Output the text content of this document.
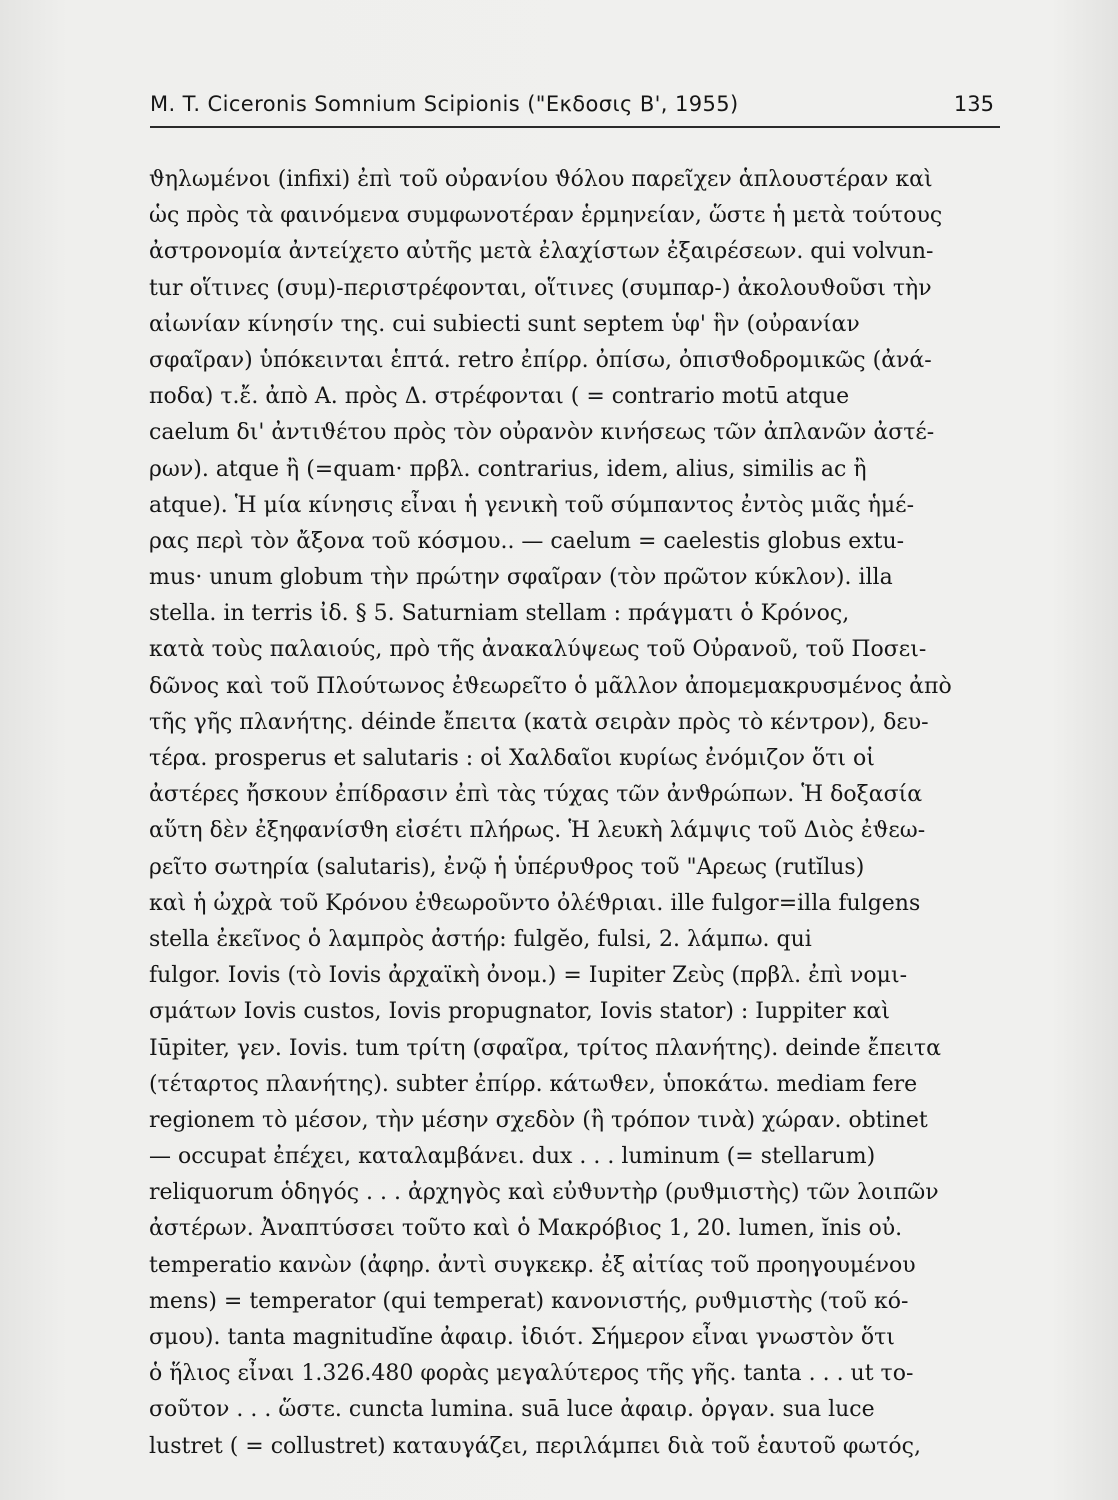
M. T. Ciceronis Somnium Scipionis ("Εκδοσις Β', 1955)	135
ϑηλωμένοι (infixi) ἐπὶ τοῦ οὐρανίου ϑόλου παρεῖχεν ἁπλουστέραν καὶ
ὡς πρὸς τὰ φαινόμενα συμφωνοτέραν ἑρμηνείαν, ὥστε ἡ μετὰ τούτους
ἀστρονομία ἀντείχετο αὐτῆς μετὰ ἐλαχίστων ἐξαιρέσεων. qui volvun-
tur οἵτινες (συμ)-περιστρέφονται, οἵτινες (συμπαρ-) ἀκολουϑοῦσι τὴν
αἰωνίαν κίνησίν της. cui subiecti sunt septem ὑφ' ἣν (οὐρανίαν
σφαῖραν) ὑπόκεινται ἑπτά. retro ἐπίρρ. ὀπίσω, ὀπισϑοδρομικῶς (ἀνά-
ποδα) τ.ἔ. ἀπὸ Α. πρὸς Δ. στρέφονται ( = contrario motū atque
caelum δι' ἀντιϑέτου πρὸς τὸν οὐρανὸν κινήσεως τῶν ἀπλανῶν ἀστέ-
ρων). atque ἢ (=quam· πρβλ. contrarius, idem, alius, similis ac ἢ
atque). Ἡ μία κίνησις εἶναι ἡ γενικὴ τοῦ σύμπαντος ἐντὸς μιᾶς ἡμέ-
ρας περὶ τὸν ἄξονα τοῦ κόσμου.. — caelum = caelestis globus extu-
mus· unum globum τὴν πρώτην σφαῖραν (τὸν πρῶτον κύκλον). illa
stella. in terris ἰδ. § 5. Saturniam stellam : πράγματι ὁ Κρόνος,
κατὰ τοὺς παλαιούς, πρὸ τῆς ἀνακαλύψεως τοῦ Οὐρανοῦ, τοῦ Ποσει-
δῶνος καὶ τοῦ Πλούτωνος ἐϑεωρεῖτο ὁ μᾶλλον ἀπομεμακρυσμένος ἀπὸ
τῆς γῆς πλανήτης. déinde ἔπειτα (κατὰ σειρὰν πρὸς τὸ κέντρον), δευ-
τέρα. prosperus et salutaris : οἱ Χαλδαῖοι κυρίως ἐνόμιζον ὅτι οἱ
ἀστέρες ἤσκουν ἐπίδρασιν ἐπὶ τὰς τύχας τῶν ἀνϑρώπων. Ἡ δοξασία
αὕτη δὲν ἐξηφανίσϑη εἰσέτι πλήρως. Ἡ λευκὴ λάμψις τοῦ Διὸς ἐϑεω-
ρεῖτο σωτηρία (salutaris), ἐνῷ ἡ ὑπέρυϑρος τοῦ "Αρεως (rutĭlus)
καὶ ἡ ὠχρὰ τοῦ Κρόνου ἐϑεωροῦντο ὀλέϑριαι. ille fulgor=illa fulgens
stella ἐκεῖνος ὁ λαμπρὸς ἀστήρ: fulgĕo, fulsi, 2. λάμπω. qui
fulgor. Iovis (τὸ Iovis ἀρχαϊκὴ ὀνομ.) = Iupiter Ζεὺς (πρβλ. ἐπὶ νομι-
σμάτων Iovis custos, Iovis propugnator, Iovis stator) : Iuppiter καὶ
Iūpiter, γεν. Iovis. tum τρίτη (σφαῖρα, τρίτος πλανήτης). deinde ἔπειτα
(τέταρτος πλανήτης). subter ἐπίρρ. κάτωϑεν, ὑποκάτω. mediam fere
regionem τὸ μέσον, τὴν μέσην σχεδὸν (ἢ τρόπον τινὰ) χώραν. obtinet
— occupat ἐπέχει, καταλαμβάνει. dux . . . luminum (= stellarum)
reliquorum ὁδηγός . . . ἀρχηγὸς καὶ εὐϑυντὴρ (ρυϑμιστὴς) τῶν λοιπῶν
ἀστέρων. Ἀναπτύσσει τοῦτο καὶ ὁ Μακρόβιος 1, 20. lumen, ĭnis οὐ.
temperatio κανὼν (ἀφηρ. ἀντὶ συγκεκρ. ἐξ αἰτίας τοῦ προηγουμένου
mens) = temperator (qui temperat) κανονιστής, ρυϑμιστὴς (τοῦ κό-
σμου). tanta magnitudĭne ἀφαιρ. ἰδιότ. Σήμερον εἶναι γνωστὸν ὅτι
ὁ ἥλιος εἶναι 1.326.480 φορὰς μεγαλύτερος τῆς γῆς. tanta . . . ut το-
σοῦτον . . . ὥστε. cuncta lumina. suā luce ἀφαιρ. ὀργαν. sua luce
lustret ( = collustret) καταυγάζει, περιλάμπει διὰ τοῦ ἑαυτοῦ φωτός,
